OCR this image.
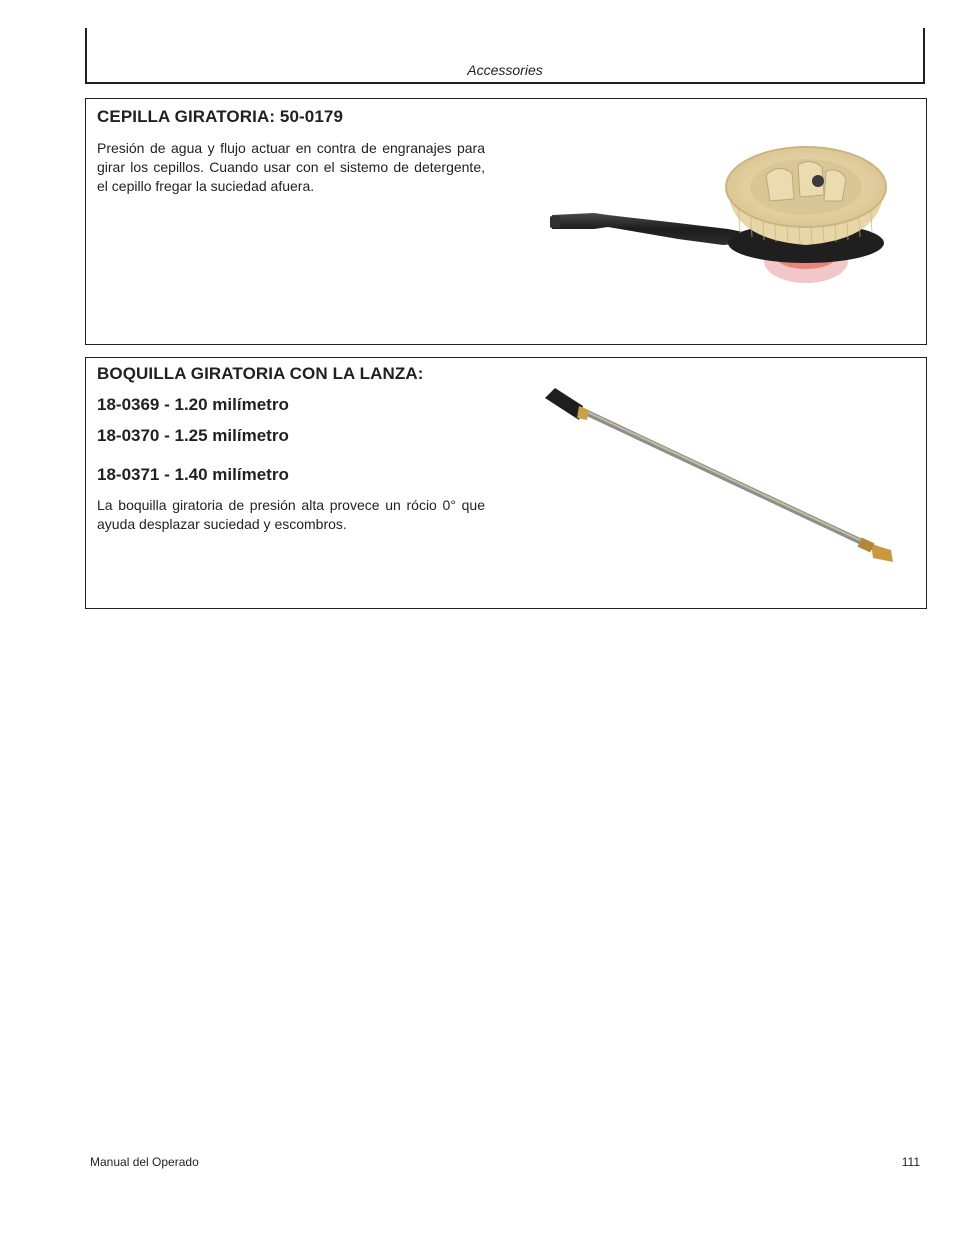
Accessories
CEPILLA GIRATORIA: 50-0179
Presión de agua y flujo actuar en contra de engranajes para girar los cepillos. Cuando usar con el sistemo de detergente, el cepillo fregar la suciedad afuera.
BOQUILLA GIRATORIA CON LA LANZA:
18-0369 - 1.20 milímetro
18-0370 - 1.25 milímetro
18-0371 - 1.40 milímetro
La boquilla giratoria de presión alta provece un rócio 0° que ayuda desplazar suciedad y escombros.
Manual del Operado	111
